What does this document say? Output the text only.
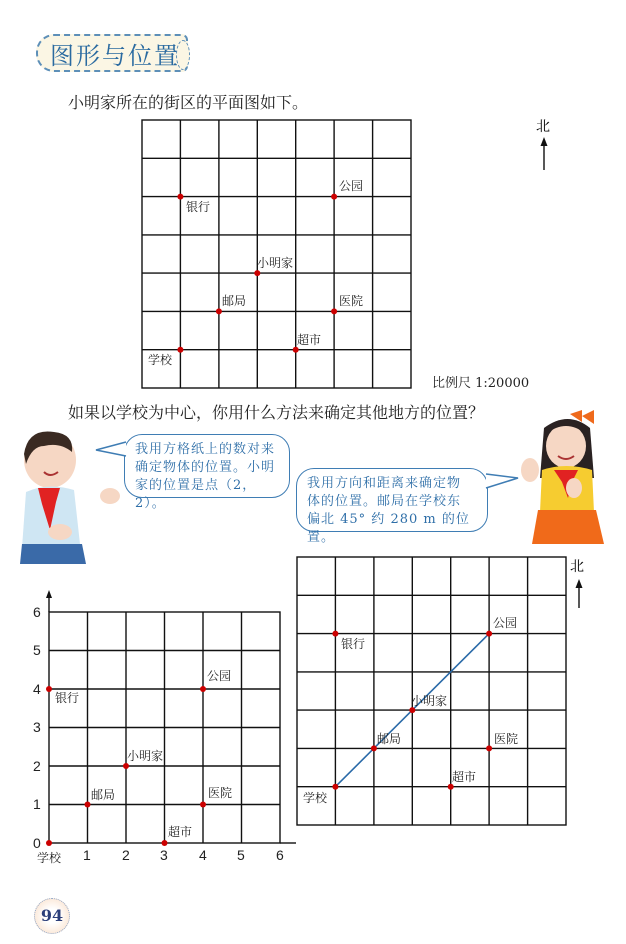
图形与位置
小明家所在的街区的平面图如下。
学校
邮局
小明家
超市
医院
公园
银行
北
比例尺 1:20000
如果以学校为中心，你用什么方法来确定其他地方的位置？
我用方格纸上的数对来
确定物体的位置。小明
家的位置是点（2，2）。
我用方向和距离来确定物
体的位置。邮局在学校东
偏北 45° 约 280 m 的位置。
0
1
2
3
4
5
6
1 2 3 4 5 6
学校
邮局
小明家
超市
医院
公园
银行
学校
邮局
小明家
超市
医院
公园
银行
北
94
